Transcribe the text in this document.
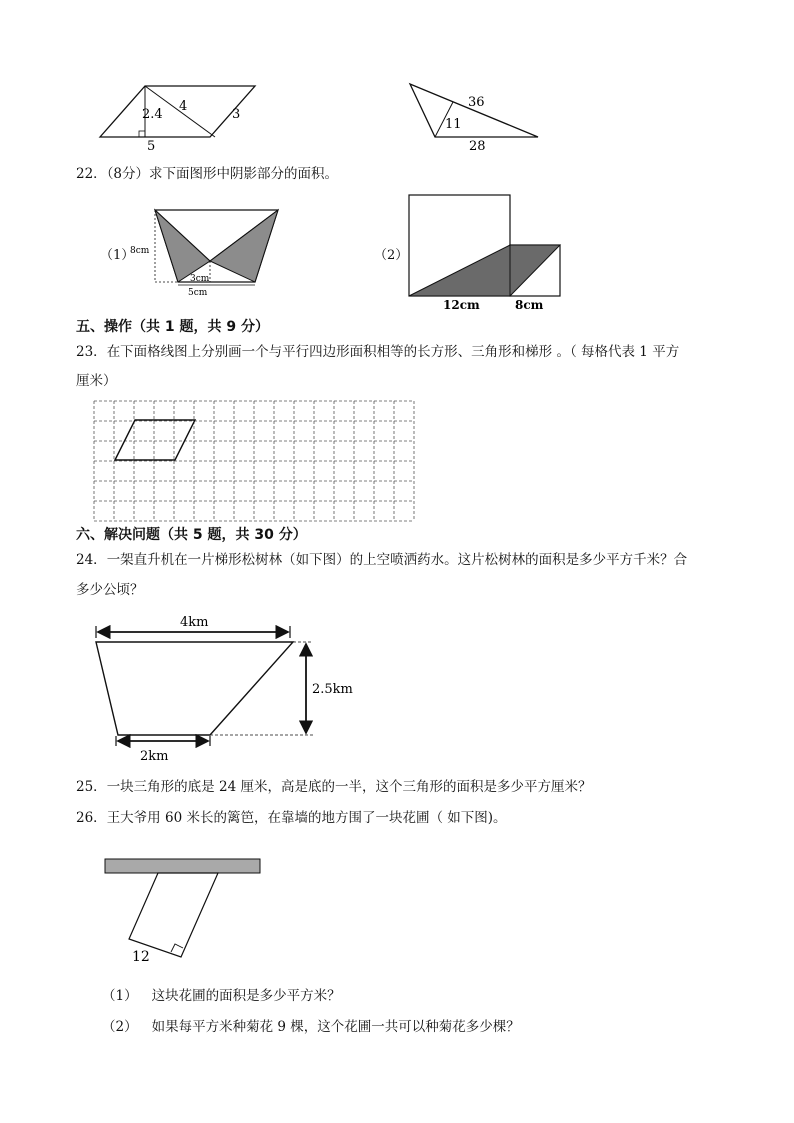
2.4
4
3
5
36
11
28
22．（8分）求下面图形中阴影部分的面积。
（1）
8cm
3cm
5cm
（2）
12cm	8cm
五、操作（共 1 题，共 9 分）
23．在下面格线图上分别画一个与平行四边形面积相等的长方形、三角形和梯形 。（ 每格代表 1 平方
厘米）
六、解决问题（共 5 题，共 30 分）
24．一架直升机在一片梯形松树林（如下图）的上空喷洒药水。这片松树林的面积是多少平方千米？合
多少公顷？
4km
2.5km
2km
25．一块三角形的底是 24 厘米，高是底的一半，这个三角形的面积是多少平方厘米？
26．王大爷用 60 米长的篱笆，在靠墙的地方围了一块花圃（ 如下图)。
12
（1） 这块花圃的面积是多少平方米？
（2） 如果每平方米种菊花 9 棵，这个花圃一共可以种菊花多少棵？
